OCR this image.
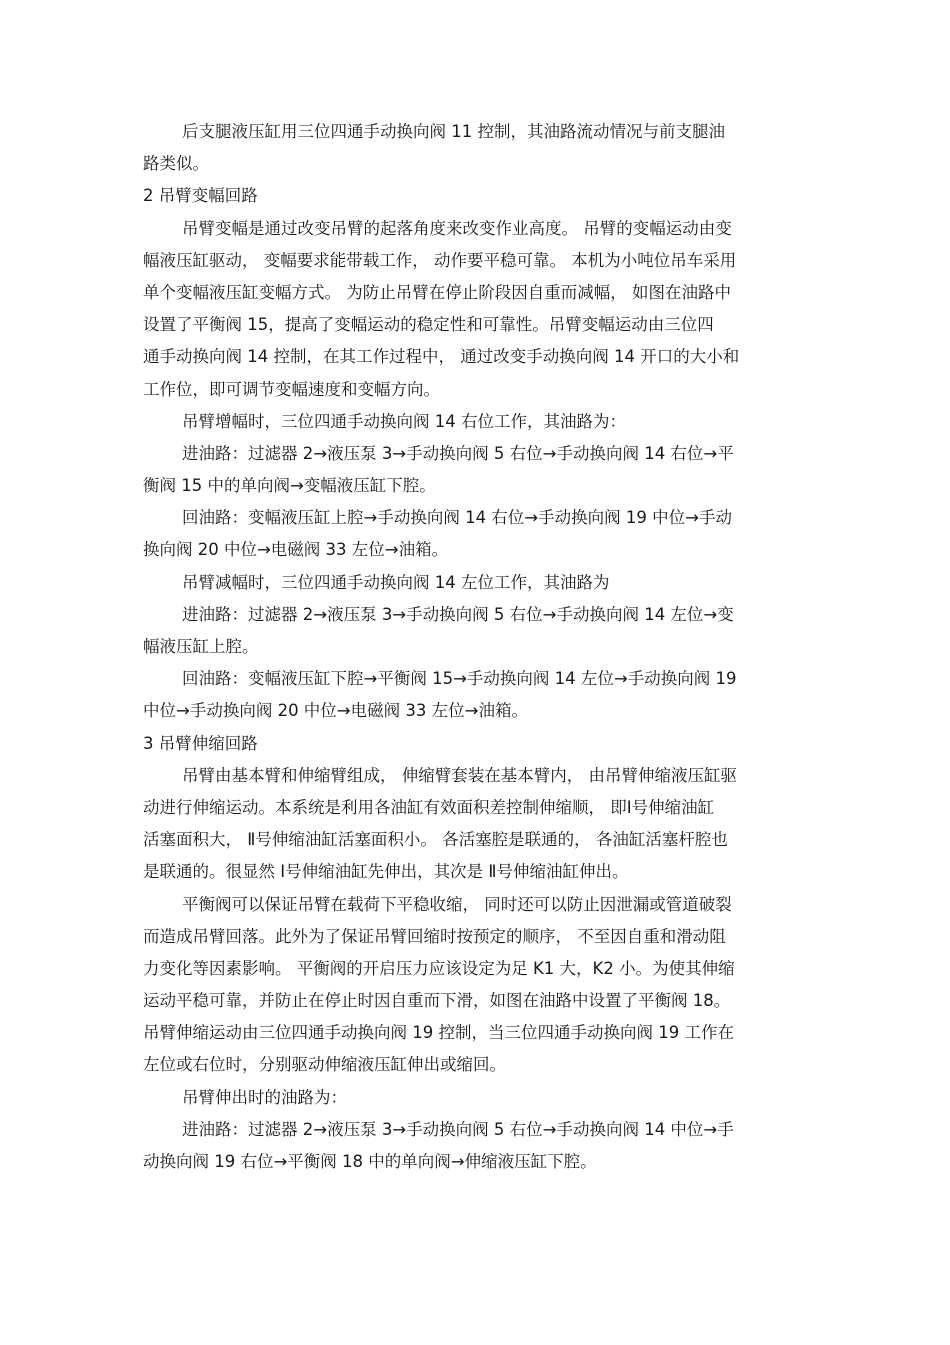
后支腿液压缸用三位四通手动换向阀 11 控制，其油路流动情况与前支腿油
路类似。
2 吊臂变幅回路
吊臂变幅是通过改变吊臂的起落角度来改变作业高度。 吊臂的变幅运动由变
幅液压缸驱动， 变幅要求能带载工作， 动作要平稳可靠。 本机为小吨位吊车采用
单个变幅液压缸变幅方式。 为防止吊臂在停止阶段因自重而减幅， 如图在油路中
设置了平衡阀 15，提高了变幅运动的稳定性和可靠性。吊臂变幅运动由三位四
通手动换向阀 14 控制，在其工作过程中， 通过改变手动换向阀 14 开口的大小和
工作位，即可调节变幅速度和变幅方向。
吊臂增幅时，三位四通手动换向阀 14 右位工作，其油路为：
进油路：过滤器 2→液压泵 3→手动换向阀 5 右位→手动换向阀 14 右位→平
衡阀 15 中的单向阀→变幅液压缸下腔。
回油路：变幅液压缸上腔→手动换向阀 14 右位→手动换向阀 19 中位→手动
换向阀 20 中位→电磁阀 33 左位→油箱。
吊臂减幅时，三位四通手动换向阀 14 左位工作，其油路为
进油路：过滤器 2→液压泵 3→手动换向阀 5 右位→手动换向阀 14 左位→变
幅液压缸上腔。
回油路：变幅液压缸下腔→平衡阀 15→手动换向阀 14 左位→手动换向阀 19
中位→手动换向阀 20 中位→电磁阀 33 左位→油箱。
3 吊臂伸缩回路
吊臂由基本臂和伸缩臂组成， 伸缩臂套装在基本臂内， 由吊臂伸缩液压缸驱
动进行伸缩运动。本系统是利用各油缸有效面积差控制伸缩顺， 即Ⅰ号伸缩油缸
活塞面积大， Ⅱ号伸缩油缸活塞面积小。 各活塞腔是联通的， 各油缸活塞杆腔也
是联通的。很显然 Ⅰ号伸缩油缸先伸出，其次是 Ⅱ号伸缩油缸伸出。
平衡阀可以保证吊臂在载荷下平稳收缩， 同时还可以防止因泄漏或管道破裂
而造成吊臂回落。此外为了保证吊臂回缩时按预定的顺序， 不至因自重和滑动阻
力变化等因素影响。 平衡阀的开启压力应该设定为足 K1 大，K2 小。为使其伸缩
运动平稳可靠，并防止在停止时因自重而下滑，如图在油路中设置了平衡阀 18。
吊臂伸缩运动由三位四通手动换向阀 19 控制，当三位四通手动换向阀 19 工作在
左位或右位时，分别驱动伸缩液压缸伸出或缩回。
吊臂伸出时的油路为：
进油路：过滤器 2→液压泵 3→手动换向阀 5 右位→手动换向阀 14 中位→手
动换向阀 19 右位→平衡阀 18 中的单向阀→伸缩液压缸下腔。
